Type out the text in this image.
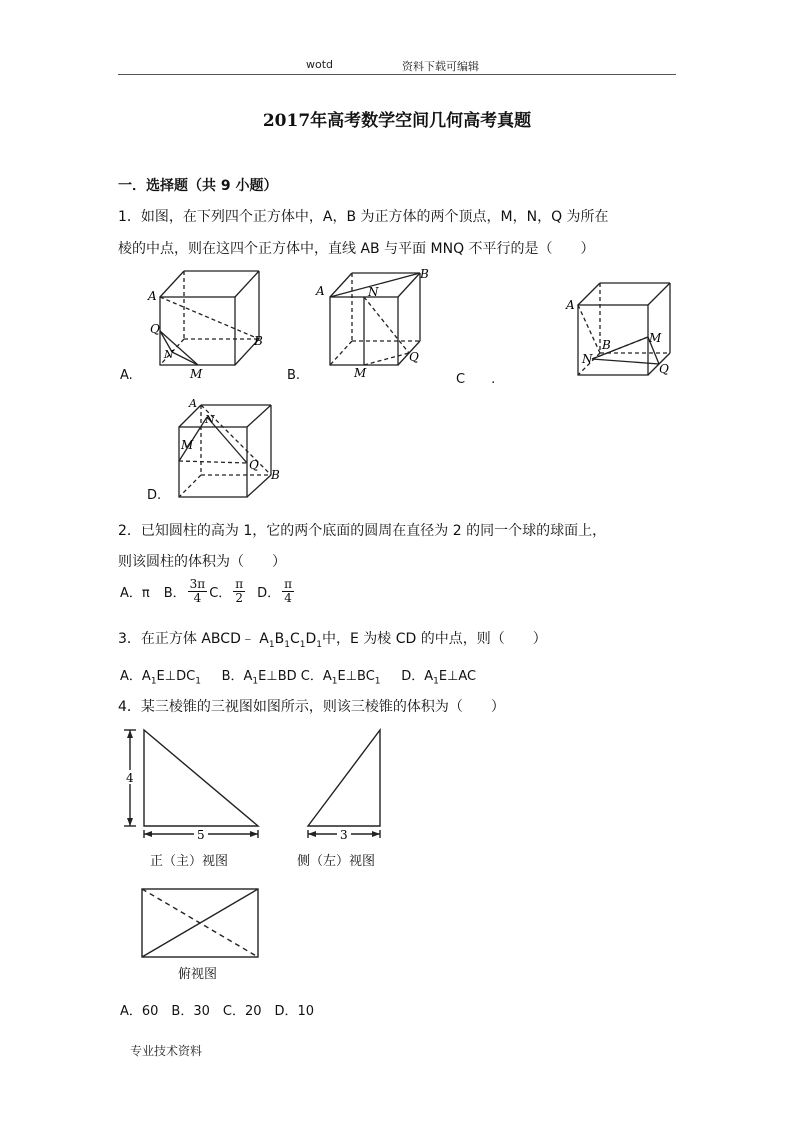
wotd	资料下载可编辑
2017年高考数学空间几何高考真题
一．选择题（共 9 小题）
1．如图，在下列四个正方体中，A，B 为正方体的两个顶点，M，N，Q 为所在
棱的中点，则在这四个正方体中，直线 AB 与平面 MNQ 不平行的是（　　）
A
B
Q
N
M
A.
A
B
N
Q
M
B.	C　　.
A
B
N
M
Q
A
N
M
Q
B
D.
2．已知圆柱的高为 1，它的两个底面的圆周在直径为 2 的同一个球的球面上，
则该圆柱的体积为（　　）
A．π B． $\frac{3\pi}{4}$ C． $\frac{\pi}{2}$ D． $\frac{\pi}{4}$
3．在正方体 ABCD﹣ $A_1B_1C_1D_1$中，E 为棱 CD 的中点，则（　　）
A．$A_1E\perp DC_1$ B．$A_1E\perp BD$ C．$A_1E\perp BC_1$ D．$A_1E\perp AC$
4．某三棱锥的三视图如图所示，则该三棱锥的体积为（　　）
4
5
正（主）视图
3
侧（左）视图
俯视图
A．60　B．30　C．20　D．10
专业技术资料
